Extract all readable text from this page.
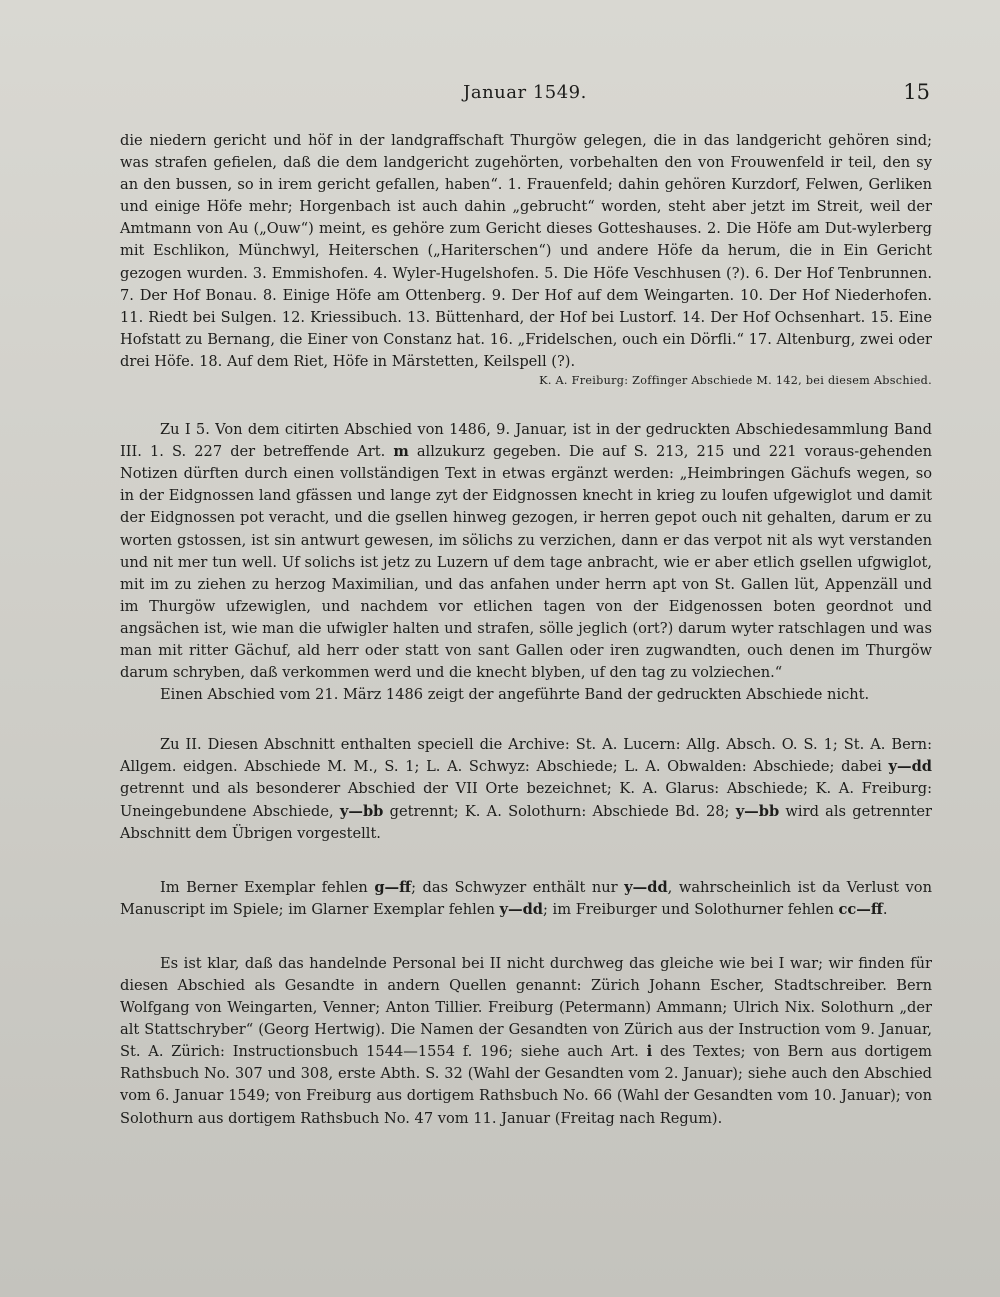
Januar 1549.	15

die niedern gericht und höf in der landgraffschaft Thurgöw gelegen, die in das landgericht gehören sind; was strafen gefielen, daß die dem landgericht zugehörten, vorbehalten den von Frouwenfeld ir teil, den sy an den bussen, so in irem gericht gefallen, haben“. 1. Frauenfeld; dahin gehören Kurzdorf, Felwen, Gerliken und einige Höfe mehr; Horgenbach ist auch dahin „gebrucht“ worden, steht aber jetzt im Streit, weil der Amtmann von Au („Ouw“) meint, es gehöre zum Gericht dieses Gotteshauses. 2. Die Höfe am Dut-wylerberg mit Eschlikon, Münchwyl, Heiterschen („Hariterschen“) und andere Höfe da herum, die in Ein Gericht gezogen wurden. 3. Emmishofen. 4. Wyler-Hugelshofen. 5. Die Höfe Veschhusen (?). 6. Der Hof Tenbrunnen. 7. Der Hof Bonau. 8. Einige Höfe am Ottenberg. 9. Der Hof auf dem Weingarten. 10. Der Hof Niederhofen. 11. Riedt bei Sulgen. 12. Kriessibuch. 13. Büttenhard, der Hof bei Lustorf. 14. Der Hof Ochsenhart. 15. Eine Hofstatt zu Bernang, die Einer von Constanz hat. 16. „Fridelschen, ouch ein Dörfli.“ 17. Altenburg, zwei oder drei Höfe. 18. Auf dem Riet, Höfe in Märstetten, Keilspell (?).

K. A. Freiburg: Zoffinger Abschiede M. 142, bei diesem Abschied.

Zu I 5. Von dem citirten Abschied von 1486, 9. Januar, ist in der gedruckten Abschiedesammlung Band III. 1. S. 227 der betreffende Art. m allzukurz gegeben. Die auf S. 213, 215 und 221 voraus-gehenden Notizen dürften durch einen vollständigen Text in etwas ergänzt werden: „Heimbringen Gächufs wegen, so in der Eidgnossen land gfässen und lange zyt der Eidgnossen knecht in krieg zu loufen ufgewiglot und damit der Eidgnossen pot veracht, und die gsellen hinweg gezogen, ir herren gepot ouch nit gehalten, darum er zu worten gstossen, ist sin antwurt gewesen, im sölichs zu verzichen, dann er das verpot nit als wyt verstanden und nit mer tun well. Uf solichs ist jetz zu Luzern uf dem tage anbracht, wie er aber etlich gsellen ufgwiglot, mit im zu ziehen zu herzog Maximilian, und das anfahen under herrn apt von St. Gallen lüt, Appenzäll und im Thurgöw ufzewiglen, und nachdem vor etlichen tagen von der Eidgenossen boten geordnot und angsächen ist, wie man die ufwigler halten und strafen, sölle jeglich (ort?) darum wyter ratschlagen und was man mit ritter Gächuf, ald herr oder statt von sant Gallen oder iren zugwandten, ouch denen im Thurgöw darum schryben, daß verkommen werd und die knecht blyben, uf den tag zu volziechen.“

Einen Abschied vom 21. März 1486 zeigt der angeführte Band der gedruckten Abschiede nicht.

Zu II. Diesen Abschnitt enthalten speciell die Archive: St. A. Lucern: Allg. Absch. O. S. 1; St. A. Bern: Allgem. eidgen. Abschiede M. M., S. 1; L. A. Schwyz: Abschiede; L. A. Obwalden: Abschiede; dabei y—dd getrennt und als besonderer Abschied der VII Orte bezeichnet; K. A. Glarus: Abschiede; K. A. Freiburg: Uneingebundene Abschiede, y—bb getrennt; K. A. Solothurn: Abschiede Bd. 28; y—bb wird als getrennter Abschnitt dem Übrigen vorgestellt.

Im Berner Exemplar fehlen g—ff; das Schwyzer enthält nur y—dd, wahrscheinlich ist da Verlust von Manuscript im Spiele; im Glarner Exemplar fehlen y—dd; im Freiburger und Solothurner fehlen cc—ff.

Es ist klar, daß das handelnde Personal bei II nicht durchweg das gleiche wie bei I war; wir finden für diesen Abschied als Gesandte in andern Quellen genannt: Zürich Johann Escher, Stadtschreiber. Bern Wolfgang von Weingarten, Venner; Anton Tillier. Freiburg (Petermann) Ammann; Ulrich Nix. Solothurn „der alt Stattschryber“ (Georg Hertwig). Die Namen der Gesandten von Zürich aus der Instruction vom 9. Januar, St. A. Zürich: Instructionsbuch 1544—1554 f. 196; siehe auch Art. i des Textes; von Bern aus dortigem Rathsbuch No. 307 und 308, erste Abth. S. 32 (Wahl der Gesandten vom 2. Januar); siehe auch den Abschied vom 6. Januar 1549; von Freiburg aus dortigem Rathsbuch No. 66 (Wahl der Gesandten vom 10. Januar); von Solothurn aus dortigem Rathsbuch No. 47 vom 11. Januar (Freitag nach Regum).
